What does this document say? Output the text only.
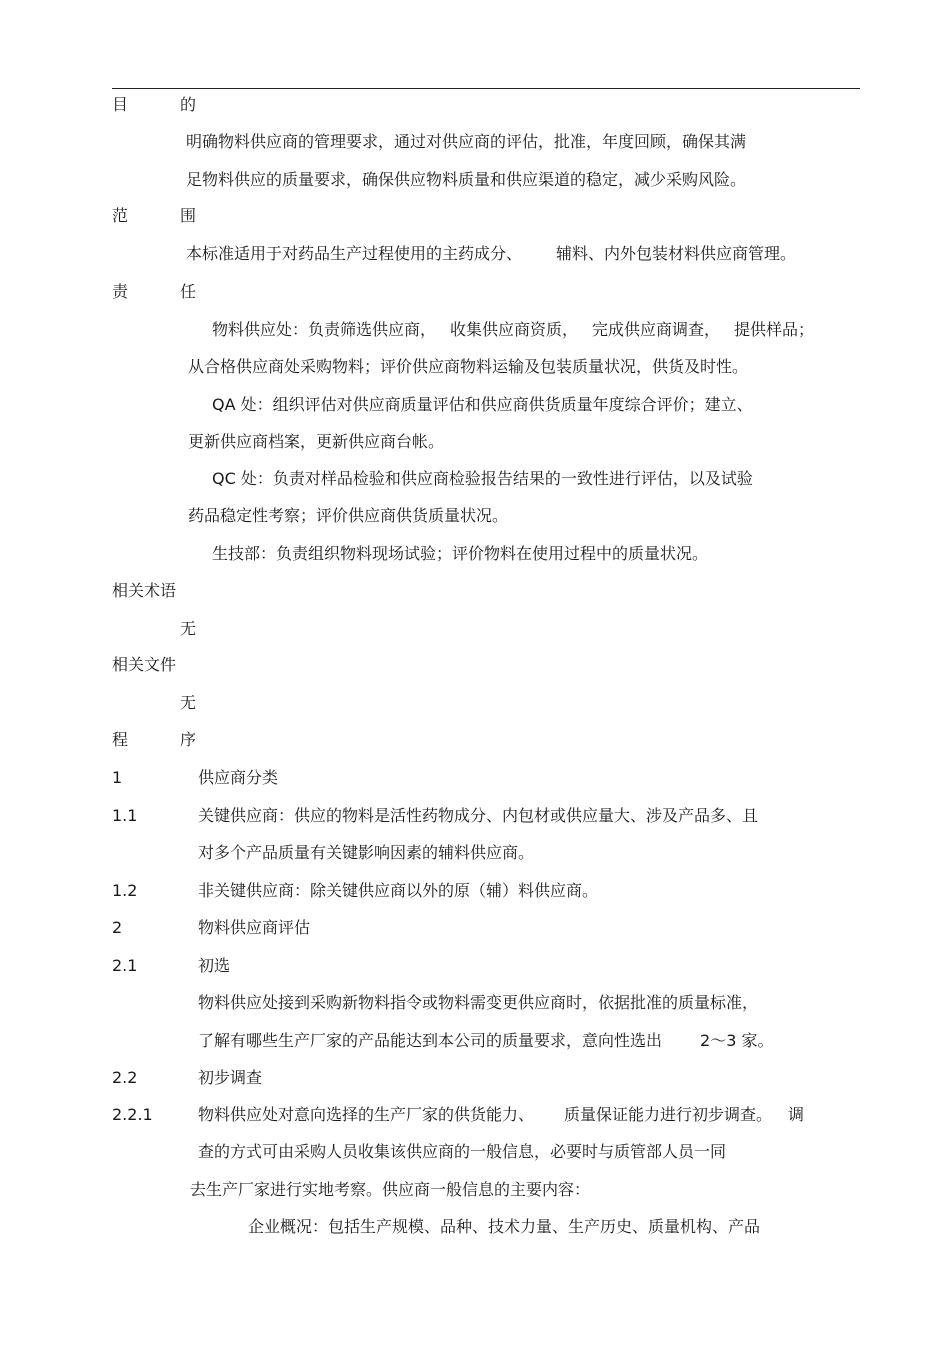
目	的
明确物料供应商的管理要求，通过对供应商的评估，批准，年度回顾，确保其满
足物料供应的质量要求，确保供应物料质量和供应渠道的稳定，减少采购风险。
范	围
本标准适用于对药品生产过程使用的主药成分、 辅料、内外包装材料供应商管理。
责	任
物料供应处：负责筛选供应商， 收集供应商资质， 完成供应商调查， 提供样品；
从合格供应商处采购物料；评价供应商物料运输及包装质量状况，供货及时性。
QA 处：组织评估对供应商质量评估和供应商供货质量年度综合评价；建立、
更新供应商档案，更新供应商台帐。
QC 处：负责对样品检验和供应商检验报告结果的一致性进行评估，以及试验
药品稳定性考察；评价供应商供货质量状况。
生技部：负责组织物料现场试验；评价物料在使用过程中的质量状况。
相关术语
无
相关文件
无
程	序
1	供应商分类
1.1	关键供应商：供应的物料是活性药物成分、内包材或供应量大、涉及产品多、且
对多个产品质量有关键影响因素的辅料供应商。
1.2	非关键供应商：除关键供应商以外的原（辅）料供应商。
2	物料供应商评估
2.1	初选
物料供应处接到采购新物料指令或物料需变更供应商时，依据批准的质量标准，
了解有哪些生产厂家的产品能达到本公司的质量要求，意向性选出 2～3 家。
2.2	初步调查
2.2.1	物料供应处对意向选择的生产厂家的供货能力、 质量保证能力进行初步调查。 调
查的方式可由采购人员收集该供应商的一般信息，必要时与质管部人员一同
去生产厂家进行实地考察。供应商一般信息的主要内容：
企业概况：包括生产规模、品种、技术力量、生产历史、质量机构、产品
